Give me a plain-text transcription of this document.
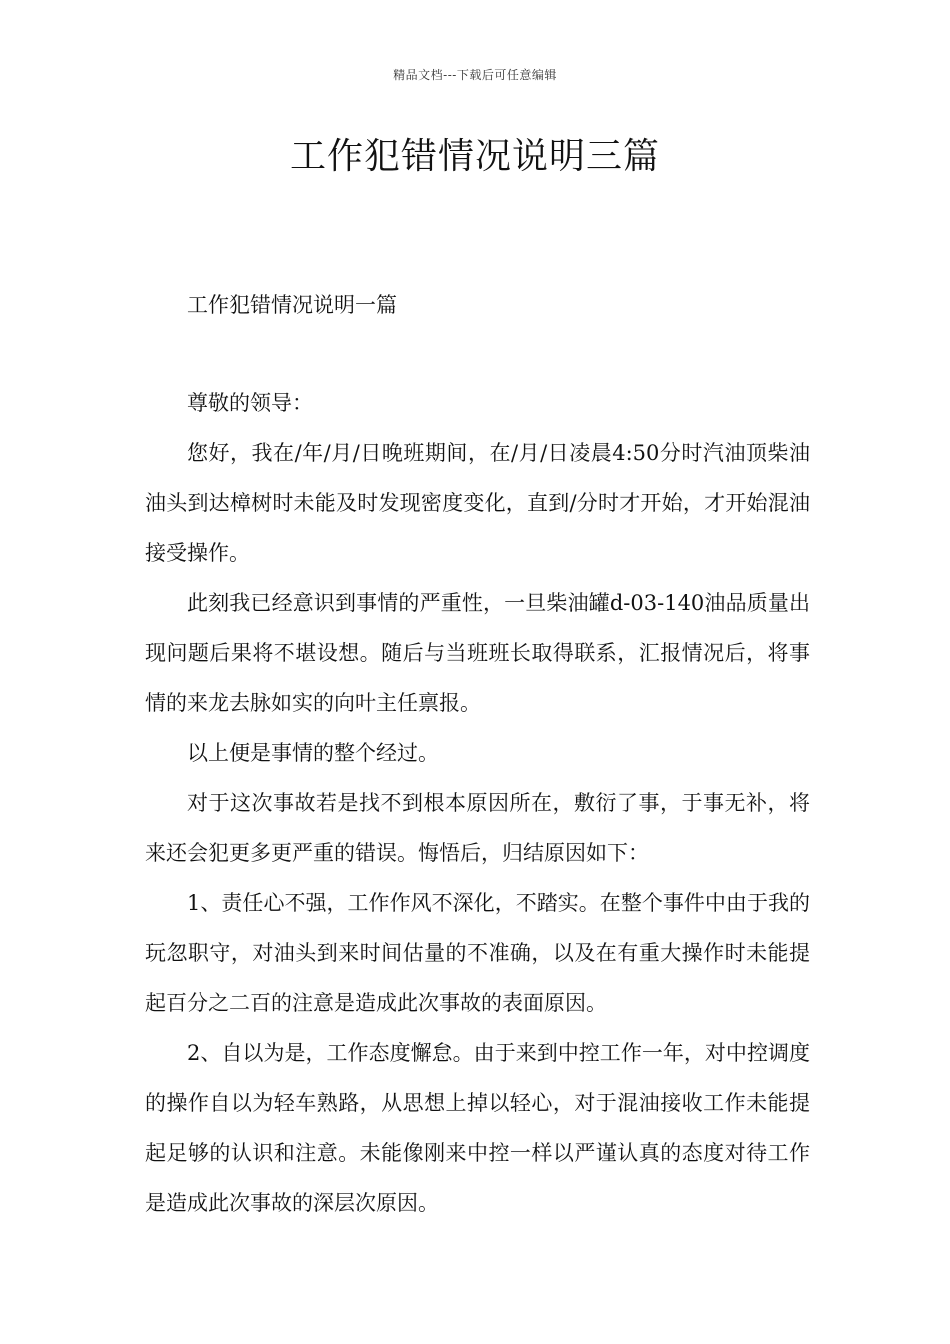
精品文档---下载后可任意编辑
工作犯错情况说明三篇

工作犯错情况说明一篇

尊敬的领导：

您好，我在/年/月/日晚班期间，在/月/日凌晨4:50分时汽油顶柴油油头到达樟树时未能及时发现密度变化，直到/分时才开始，才开始混油接受操作。

此刻我已经意识到事情的严重性，一旦柴油罐d-03-140油品质量出现问题后果将不堪设想。随后与当班班长取得联系，汇报情况后，将事情的来龙去脉如实的向叶主任禀报。

以上便是事情的整个经过。

对于这次事故若是找不到根本原因所在，敷衍了事，于事无补，将来还会犯更多更严重的错误。悔悟后，归结原因如下：

1、责任心不强，工作作风不深化，不踏实。在整个事件中由于我的玩忽职守，对油头到来时间估量的不准确，以及在有重大操作时未能提起百分之二百的注意是造成此次事故的表面原因。

2、自以为是，工作态度懈怠。由于来到中控工作一年，对中控调度的操作自以为轻车熟路，从思想上掉以轻心，对于混油接收工作未能提起足够的认识和注意。未能像刚来中控一样以严谨认真的态度对待工作是造成此次事故的深层次原因。
